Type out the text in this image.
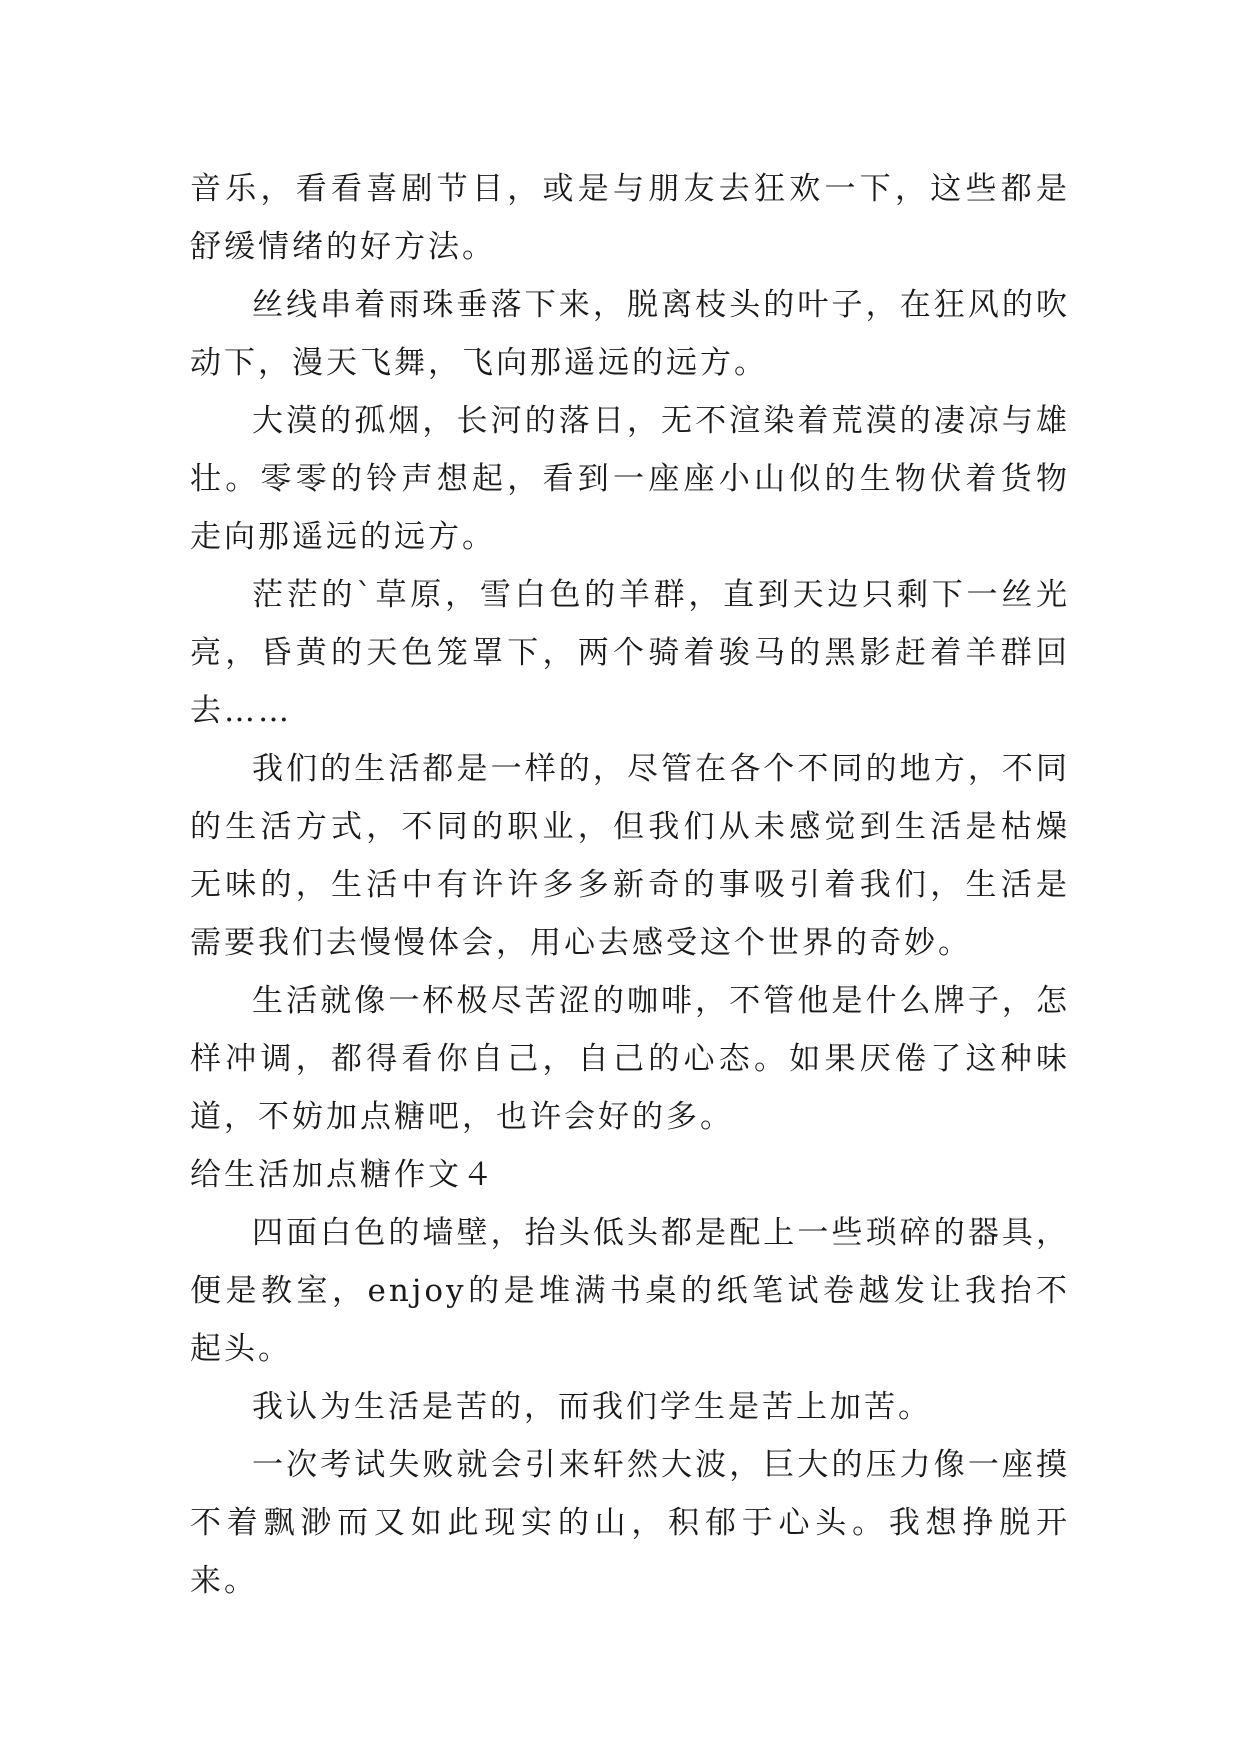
音乐，看看喜剧节目，或是与朋友去狂欢一下，这些都是舒缓情绪的好方法。

丝线串着雨珠垂落下来，脱离枝头的叶子，在狂风的吹动下，漫天飞舞，飞向那遥远的远方。

大漠的孤烟，长河的落日，无不渲染着荒漠的凄凉与雄壮。零零的铃声想起，看到一座座小山似的生物伏着货物走向那遥远的远方。

茫茫的`草原，雪白色的羊群，直到天边只剩下一丝光亮，昏黄的天色笼罩下，两个骑着骏马的黑影赶着羊群回去……

我们的生活都是一样的，尽管在各个不同的地方，不同的生活方式，不同的职业，但我们从未感觉到生活是枯燥无味的，生活中有许许多多新奇的事吸引着我们，生活是需要我们去慢慢体会，用心去感受这个世界的奇妙。

生活就像一杯极尽苦涩的咖啡，不管他是什么牌子，怎样冲调，都得看你自己，自己的心态。如果厌倦了这种味道，不妨加点糖吧，也许会好的多。

给生活加点糖作文４

四面白色的墙壁，抬头低头都是配上一些琐碎的器具，便是教室，enjoy的是堆满书桌的纸笔试卷越发让我抬不起头。

我认为生活是苦的，而我们学生是苦上加苦。

一次考试失败就会引来轩然大波，巨大的压力像一座摸不着飘渺而又如此现实的山，积郁于心头。我想挣脱开来。
